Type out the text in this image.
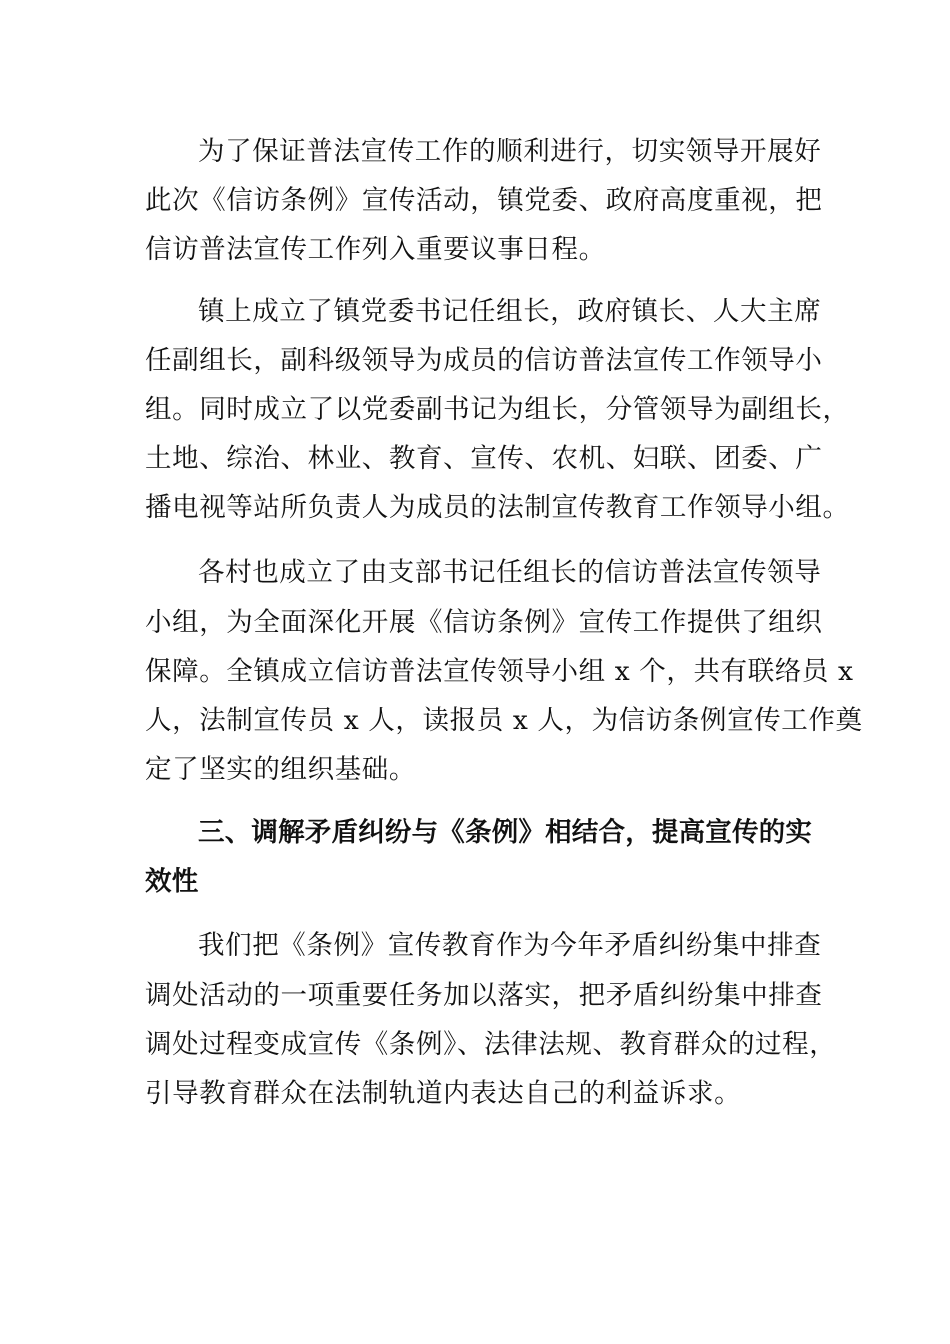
为了保证普法宣传工作的顺利进行，切实领导开展好

此次《信访条例》宣传活动，镇党委、政府高度重视，把

信访普法宣传工作列入重要议事日程。

镇上成立了镇党委书记任组长，政府镇长、人大主席

任副组长，副科级领导为成员的信访普法宣传工作领导小

组。同时成立了以党委副书记为组长，分管领导为副组长，

土地、综治、林业、教育、宣传、农机、妇联、团委、广

播电视等站所负责人为成员的法制宣传教育工作领导小组。

各村也成立了由支部书记任组长的信访普法宣传领导

小组，为全面深化开展《信访条例》宣传工作提供了组织

保障。全镇成立信访普法宣传领导小组 x 个，共有联络员 x

人，法制宣传员 x 人，读报员 x 人，为信访条例宣传工作奠

定了坚实的组织基础。

三、调解矛盾纠纷与《条例》相结合，提高宣传的实

效性

我们把《条例》宣传教育作为今年矛盾纠纷集中排查

调处活动的一项重要任务加以落实，把矛盾纠纷集中排查

调处过程变成宣传《条例》、法律法规、教育群众的过程，

引导教育群众在法制轨道内表达自己的利益诉求。
